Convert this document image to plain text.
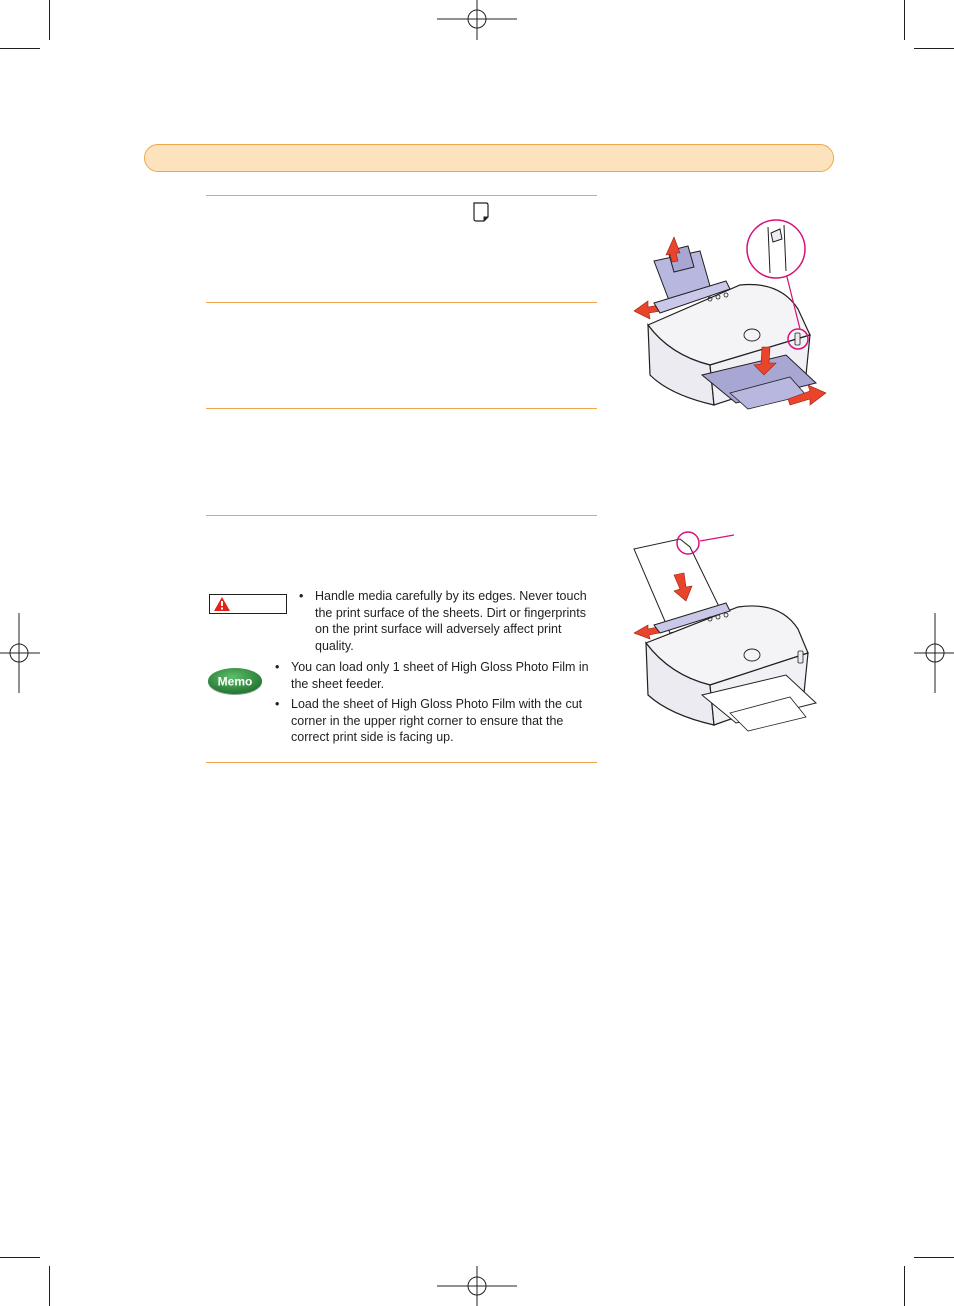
• Handle media carefully by its edges. Never touch the print surface of the sheets. Dirt or fingerprints on the print surface will adversely affect print quality.
Memo
• You can load only 1 sheet of High Gloss Photo Film in the sheet feeder.
• Load the sheet of High Gloss Photo Film with the cut corner in the upper right corner to ensure that the correct print side is facing up.
